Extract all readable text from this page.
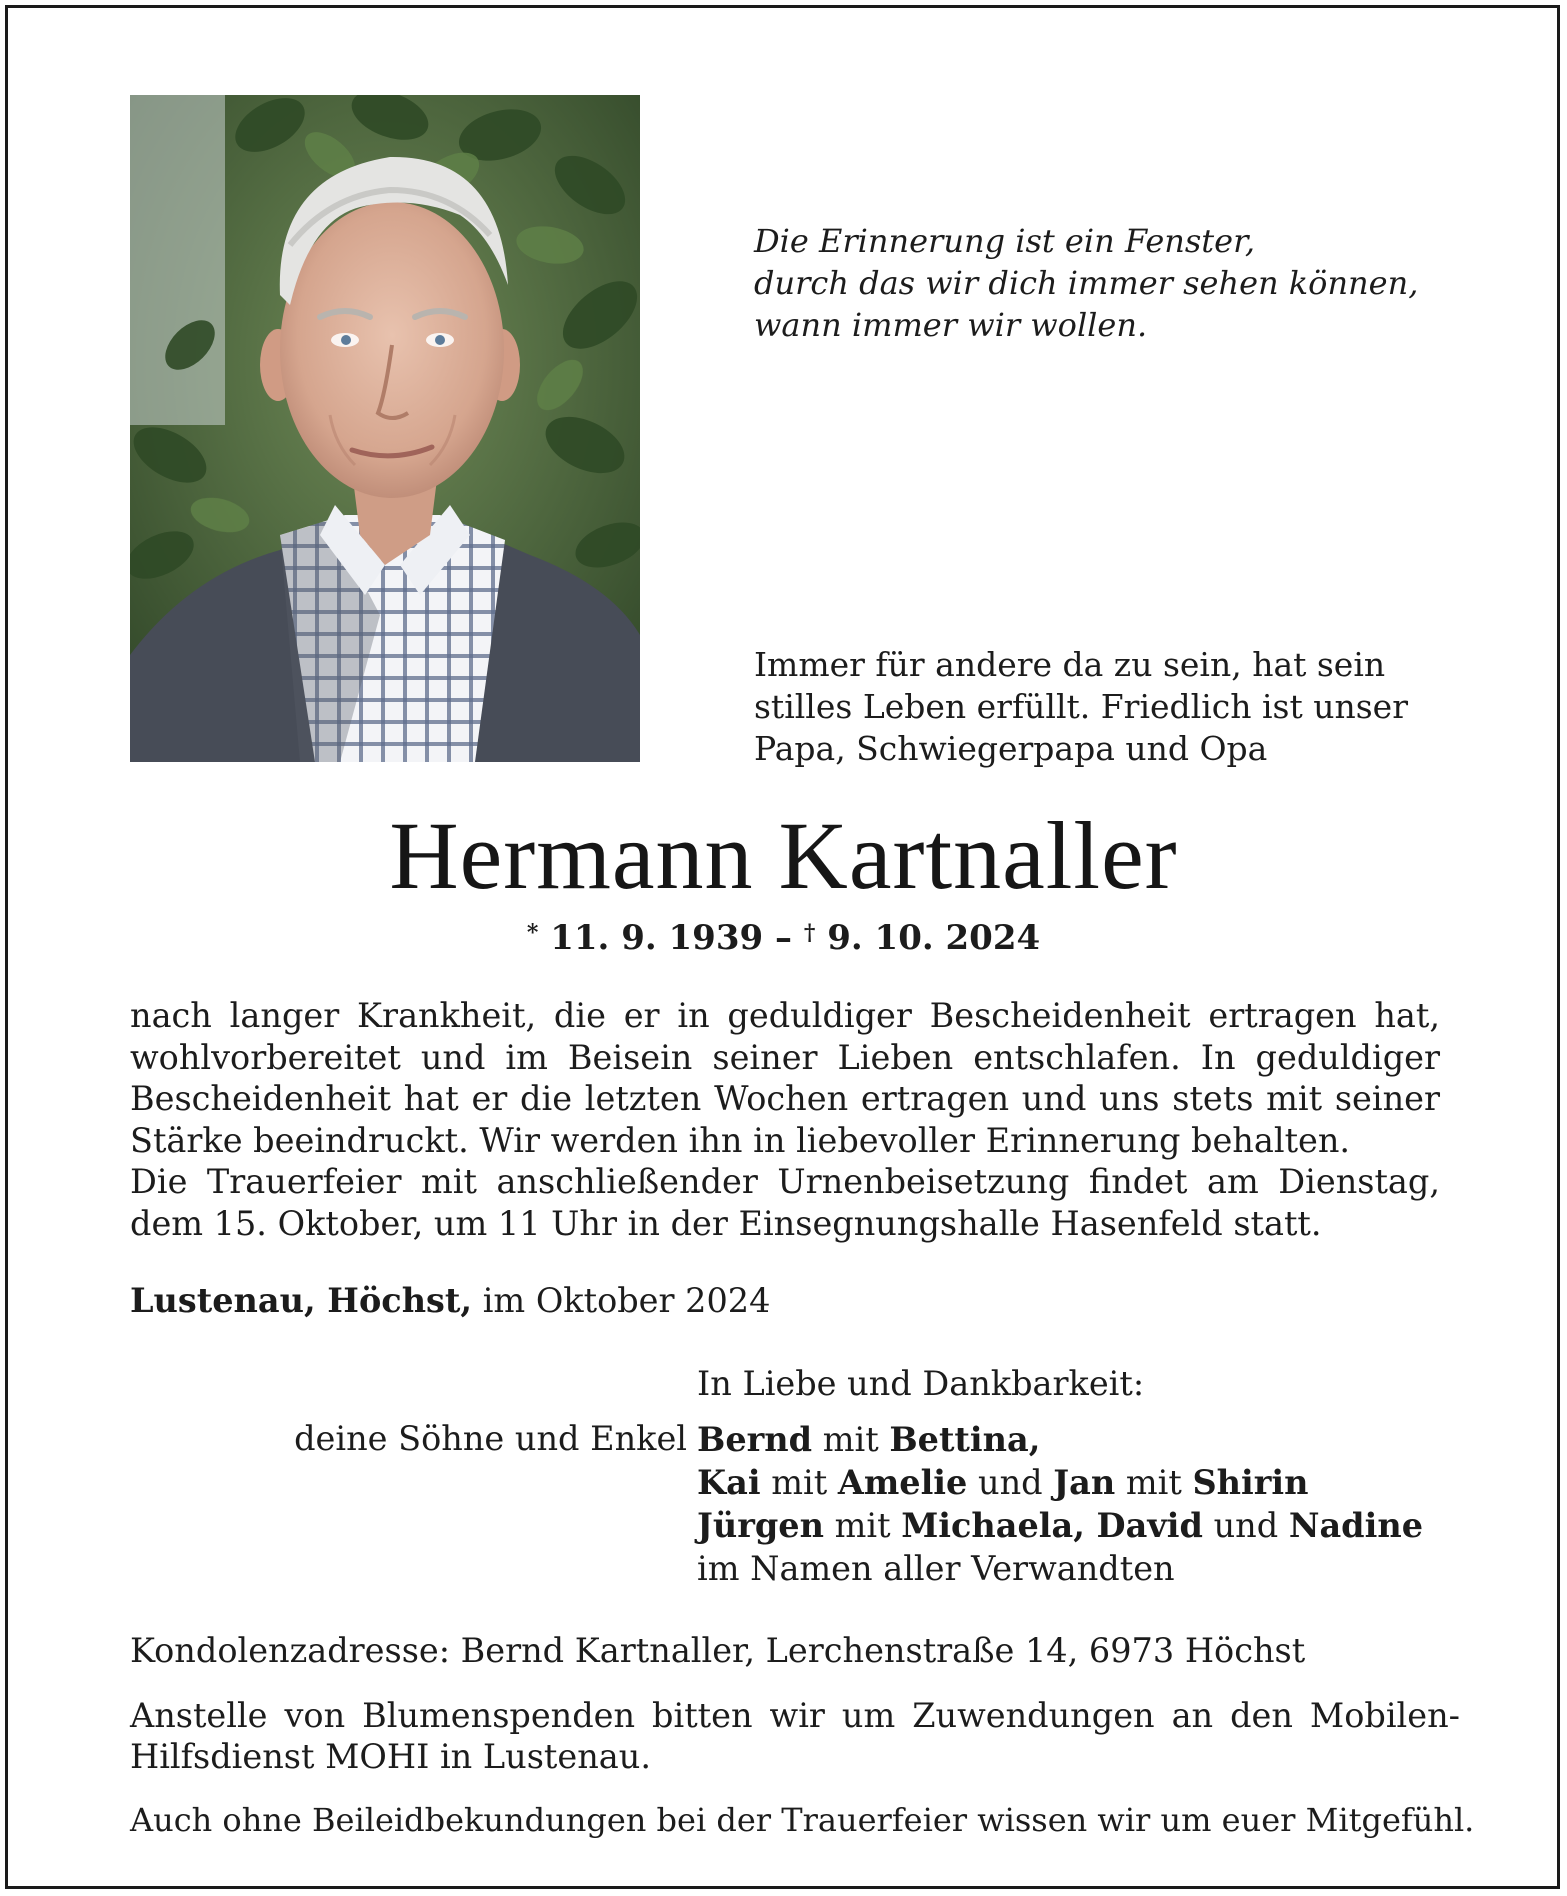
Die Erinnerung ist ein Fenster,
durch das wir dich immer sehen können,
wann immer wir wollen.
Immer für andere da zu sein, hat sein
stilles Leben erfüllt. Friedlich ist unser
Papa, Schwiegerpapa und Opa
Hermann Kartnaller
* 11. 9. 1939 – † 9. 10. 2024
nach langer Krankheit, die er in geduldiger Bescheidenheit ertragen hat,
wohlvorbereitet und im Beisein seiner Lieben entschlafen. In geduldiger
Bescheidenheit hat er die letzten Wochen ertragen und uns stets mit seiner
Stärke beeindruckt. Wir werden ihn in liebevoller Erinnerung behalten.
Die Trauerfeier mit anschließender Urnenbeisetzung findet am Dienstag,
dem 15. Oktober, um 11 Uhr in der Einsegnungshalle Hasenfeld statt.
Lustenau, Höchst, im Oktober 2024
In Liebe und Dankbarkeit:
deine Söhne und Enkel Bernd mit Bettina,
Kai mit Amelie und Jan mit Shirin
Jürgen mit Michaela, David und Nadine
im Namen aller Verwandten
Kondolenzadresse: Bernd Kartnaller, Lerchenstraße 14, 6973 Höchst
Anstelle von Blumenspenden bitten wir um Zuwendungen an den Mobilen-
Hilfsdienst MOHI in Lustenau.
Auch ohne Beileidbekundungen bei der Trauerfeier wissen wir um euer Mitgefühl.
